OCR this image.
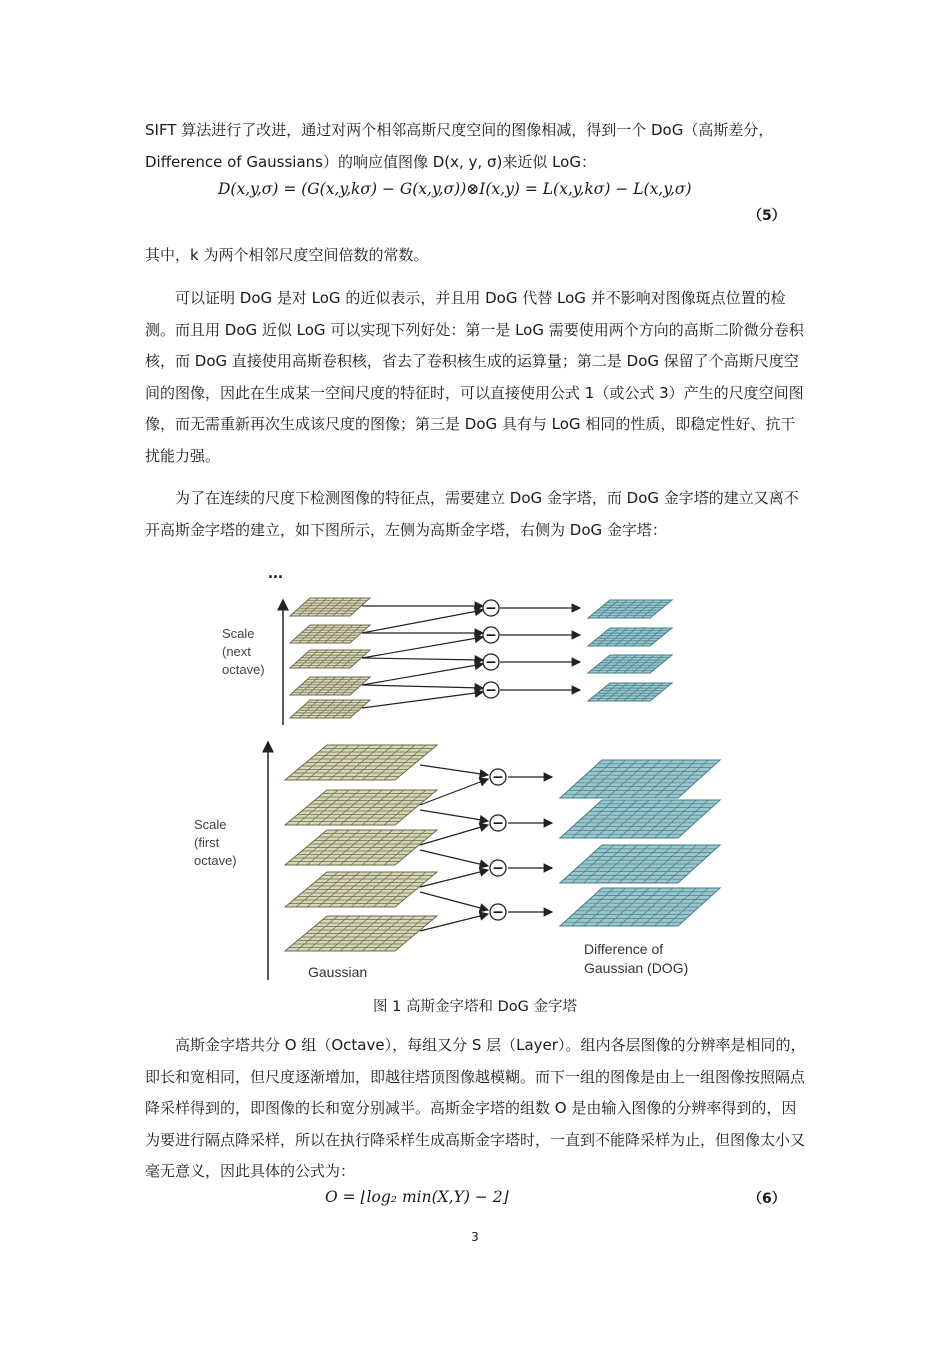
SIFT 算法进行了改进，通过对两个相邻高斯尺度空间的图像相减，得到一个 DoG（高斯差分，
Difference of Gaussians）的响应值图像 D(x, y, σ)来近似 LoG：
D(x,y,σ) = (G(x,y,kσ) − G(x,y,σ))⊗I(x,y) = L(x,y,kσ) − L(x,y,σ)
（5）
其中，k 为两个相邻尺度空间倍数的常数。
可以证明 DoG 是对 LoG 的近似表示，并且用 DoG 代替 LoG 并不影响对图像斑点位置的检测。而且用 DoG 近似 LoG 可以实现下列好处：第一是 LoG 需要使用两个方向的高斯二阶微分卷积核，而 DoG 直接使用高斯卷积核，省去了卷积核生成的运算量；第二是 DoG 保留了个高斯尺度空间的图像，因此在生成某一空间尺度的特征时，可以直接使用公式 1（或公式 3）产生的尺度空间图像，而无需重新再次生成该尺度的图像；第三是 DoG 具有与 LoG 相同的性质，即稳定性好、抗干扰能力强。
为了在连续的尺度下检测图像的特征点，需要建立 DoG 金字塔，而 DoG 金字塔的建立又离不开高斯金字塔的建立，如下图所示，左侧为高斯金字塔，右侧为 DoG 金字塔：
...
Scale
(next
octave)
Scale
(first
octave)
Gaussian
Difference of
Gaussian (DOG)
−
−
−
−
−
−
−
−
图 1 高斯金字塔和 DoG 金字塔
高斯金字塔共分 O 组（Octave），每组又分 S 层（Layer）。组内各层图像的分辨率是相同的，即长和宽相同，但尺度逐渐增加，即越往塔顶图像越模糊。而下一组的图像是由上一组图像按照隔点降采样得到的，即图像的长和宽分别减半。高斯金字塔的组数 O 是由输入图像的分辨率得到的，因为要进行隔点降采样，所以在执行降采样生成高斯金字塔时，一直到不能降采样为止，但图像太小又毫无意义，因此具体的公式为：
O = ⌊log₂ min(X,Y) − 2⌋	（6）
3
